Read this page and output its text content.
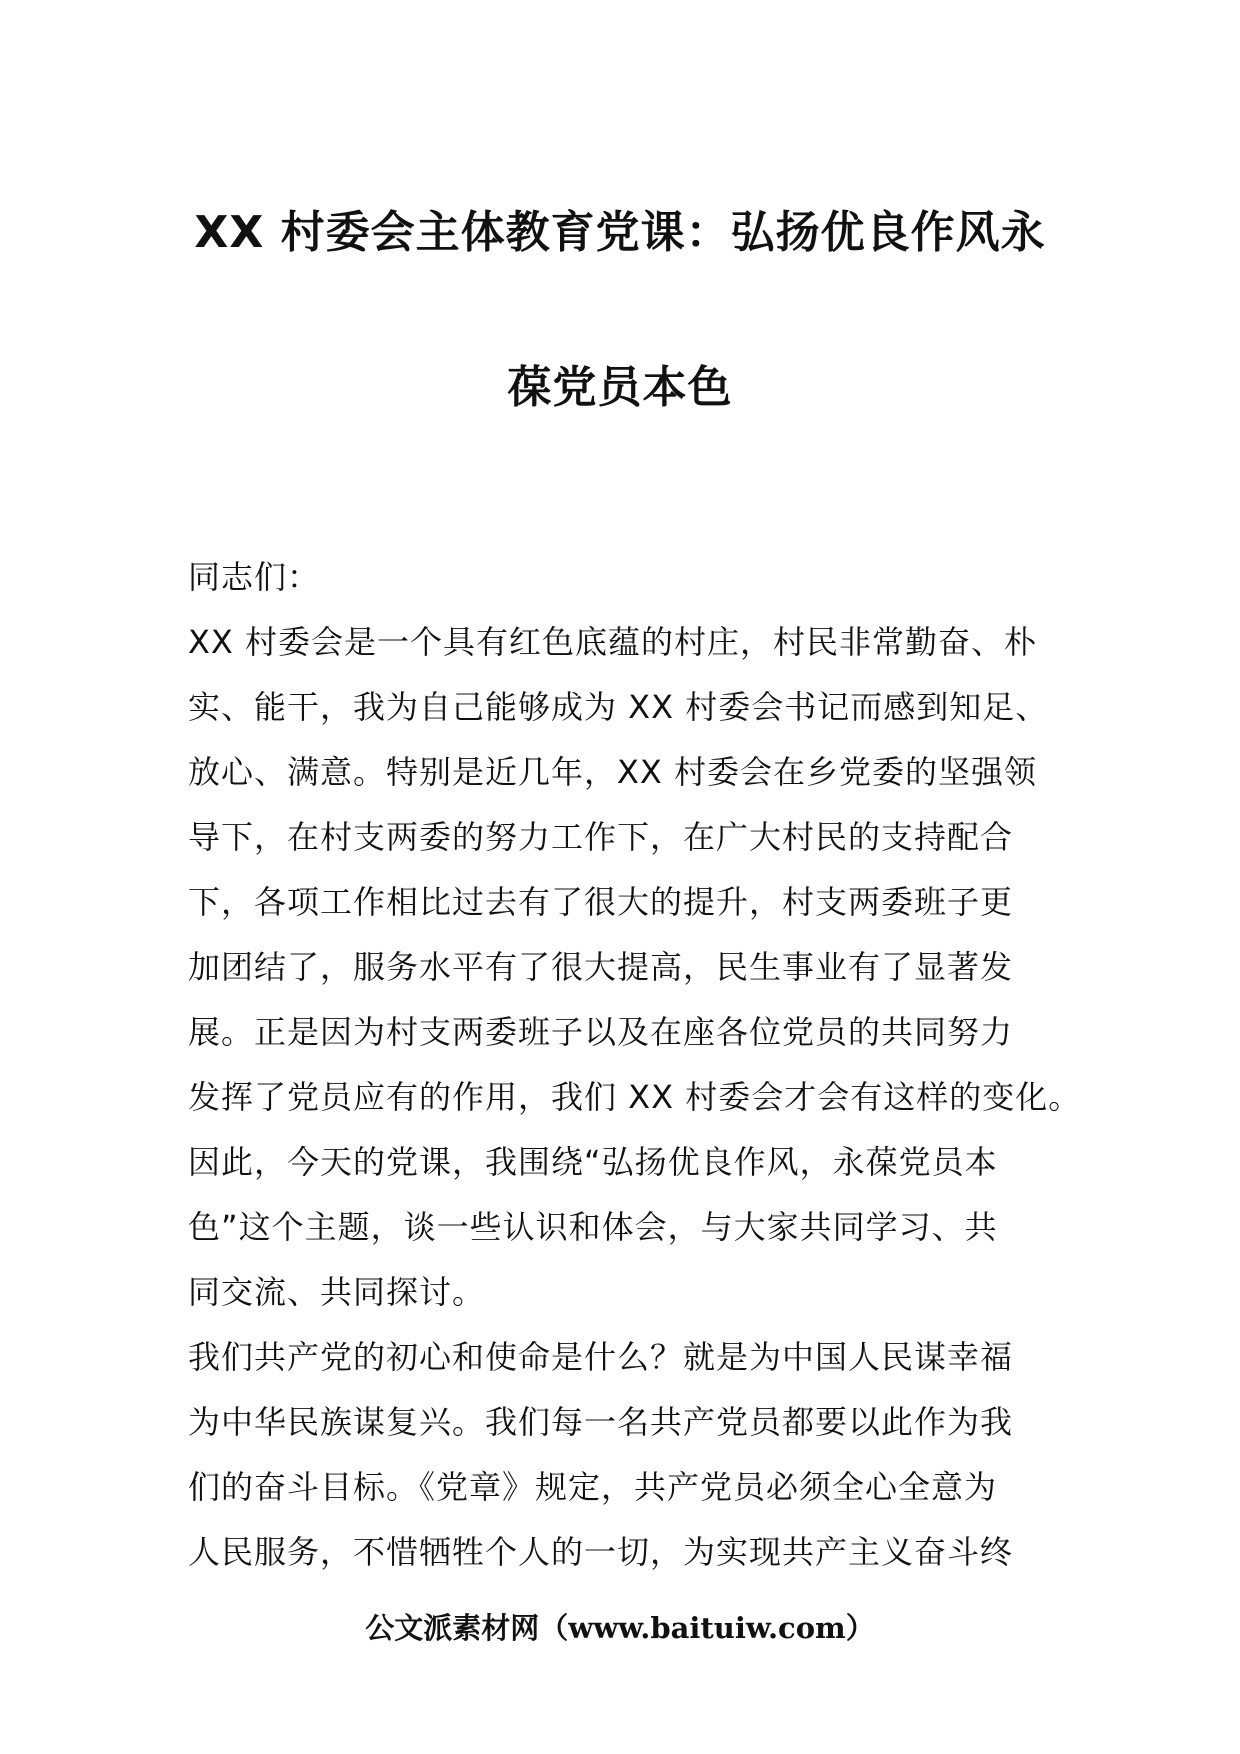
XX 村委会主体教育党课：弘扬优良作风永
葆党员本色
同志们：
XX 村委会是一个具有红色底蕴的村庄，村民非常勤奋、朴
实、能干，我为自己能够成为 XX 村委会书记而感到知足、
放心、满意。特别是近几年，XX 村委会在乡党委的坚强领
导下，在村支两委的努力工作下，在广大村民的支持配合
下，各项工作相比过去有了很大的提升，村支两委班子更
加团结了，服务水平有了很大提高，民生事业有了显著发
展。正是因为村支两委班子以及在座各位党员的共同努力
发挥了党员应有的作用，我们 XX 村委会才会有这样的变化。
因此，今天的党课，我围绕“弘扬优良作风，永葆党员本
色”这个主题，谈一些认识和体会，与大家共同学习、共
同交流、共同探讨。
我们共产党的初心和使命是什么？就是为中国人民谋幸福
为中华民族谋复兴。我们每一名共产党员都要以此作为我
们的奋斗目标。《党章》规定，共产党员必须全心全意为
人民服务，不惜牺牲个人的一切，为实现共产主义奋斗终
公文派素材网（www.baituiw.com）
